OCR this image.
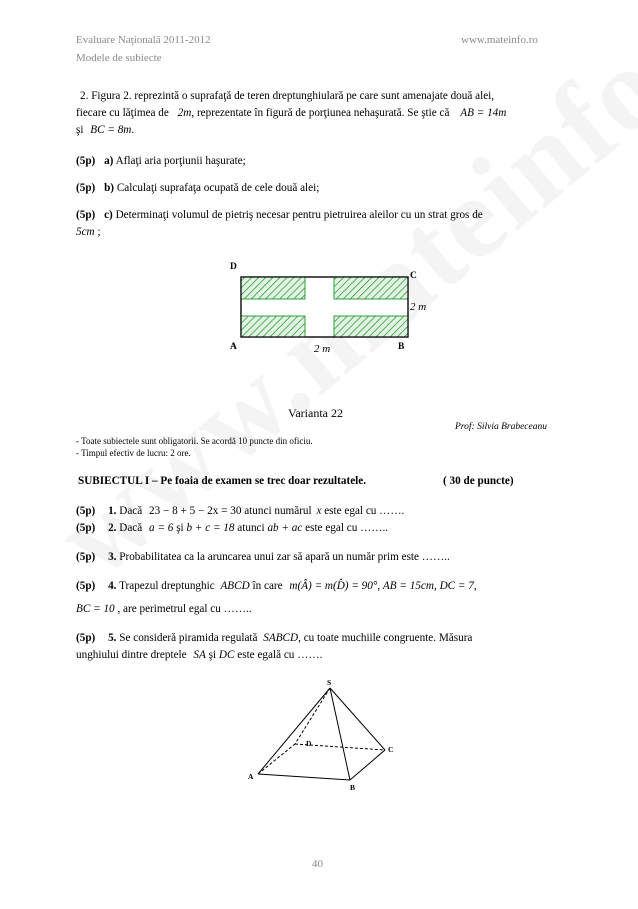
Evaluare Naţională 2011-2012
Modele de subiecte
www.mateinfo.ro
2. Figura 2. reprezintă o suprafaţă de teren dreptunghiulară pe care sunt amenajate două alei,
fiecare cu lăţimea de 2m, reprezentate în figură de porţiunea nehaşurată. Se ştie că AB = 14m
şi BC = 8m.
(5p) a) Aflaţi aria porţiunii haşurate;
(5p) b) Calculaţi suprafaţa ocupată de cele două alei;
(5p) c) Determinaţi volumul de pietriş necesar pentru pietruirea aleilor cu un strat gros de
5cm ;
D
C
A	B
2 m
2 m
Varianta 22
Prof: Silvia Brabeceanu
- Toate subiectele sunt obligatorii. Se acordă 10 puncte din oficiu.
- Timpul efectiv de lucru: 2 ore.
SUBIECTUL I – Pe foaia de examen se trec doar rezultatele.	( 30 de puncte)
(5p) 1. Dacă 23 − 8 + 5 − 2x = 30 atunci numărul x este egal cu …….
(5p) 2. Dacă a = 6 şi b + c = 18 atunci ab + ac este egal cu ……..
(5p) 3. Probabilitatea ca la aruncarea unui zar să apară un număr prim este ……..
(5p) 4. Trapezul dreptunghic ABCD în care m(Â) = m(D̂) = 90°, AB = 15cm, DC = 7,
BC = 10 , are perimetrul egal cu ……..
(5p) 5. Se consideră piramida regulată SABCD, cu toate muchiile congruente. Măsura
unghiului dintre dreptele SA şi DC este egală cu …….
S
A
B
C
D
40
